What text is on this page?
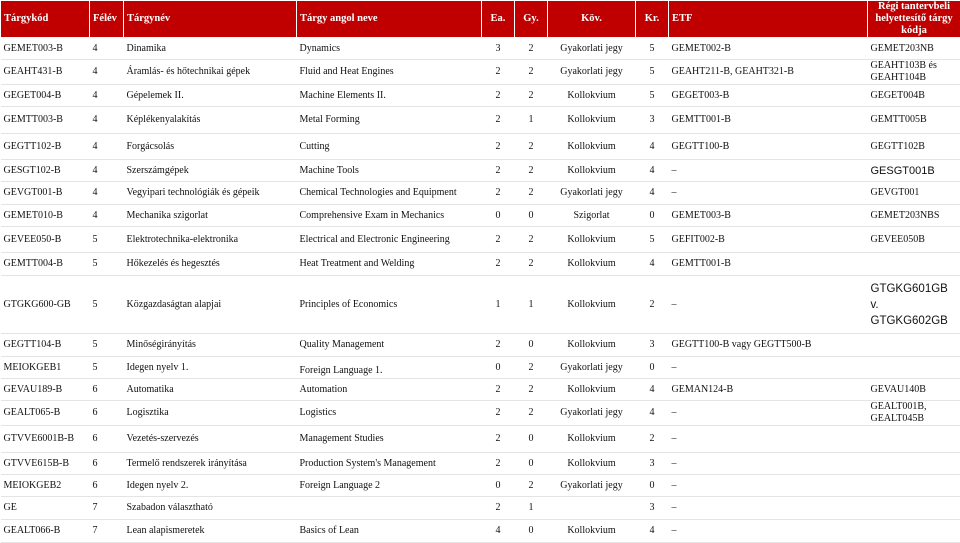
Tárgykód	Félév	Tárgynév	Tárgy angol neve	Ea.	Gy.	Köv.	Kr.	ETF	Régi tantervbeli helyettesítő tárgy kódja
GEMET003-B	4	Dinamika	Dynamics	3	2	Gyakorlati jegy	5	GEMET002-B	GEMET203NB
GEAHT431-B	4	Áramlás- és hőtechnikai gépek	Fluid and Heat Engines	2	2	Gyakorlati jegy	5	GEAHT211-B, GEAHT321-B	GEAHT103B és GEAHT104B
GEGET004-B	4	Gépelemek II.	Machine Elements II.	2	2	Kollokvium	5	GEGET003-B	GEGET004B
GEMTT003-B	4	Képlékenyalakítás	Metal Forming	2	1	Kollokvium	3	GEMTT001-B	GEMTT005B
GEGTT102-B	4	Forgácsolás	Cutting	2	2	Kollokvium	4	GEGTT100-B	GEGTT102B
GESGT102-B	4	Szerszámgépek	Machine Tools	2	2	Kollokvium	4	–	GESGT001B
GEVGT001-B	4	Vegyipari technológiák és gépeik	Chemical Technologies and Equipment	2	2	Gyakorlati jegy	4	–	GEVGT001
GEMET010-B	4	Mechanika szigorlat	Comprehensive Exam in Mechanics	0	0	Szigorlat	0	GEMET003-B	GEMET203NBS
GEVEE050-B	5	Elektrotechnika-elektronika	Electrical and Electronic Engineering	2	2	Kollokvium	5	GEFIT002-B	GEVEE050B
GEMTT004-B	5	Hőkezelés és hegesztés	Heat Treatment and Welding	2	2	Kollokvium	4	GEMTT001-B	
GTGKG600-GB	5	Közgazdaságtan alapjai	Principles of Economics	1	1	Kollokvium	2	–	GTGKG601GB v. GTGKG602GB
GEGTT104-B	5	Minőségirányítás	Quality Management	2	0	Kollokvium	3	GEGTT100-B vagy GEGTT500-B	
MEIOKGEB1	5	Idegen nyelv 1.	Foreign Language 1.	0	2	Gyakorlati jegy	0	–	
GEVAU189-B	6	Automatika	Automation	2	2	Kollokvium	4	GEMAN124-B	GEVAU140B
GEALT065-B	6	Logisztika	Logistics	2	2	Gyakorlati jegy	4	–	GEALT001B, GEALT045B
GTVVE6001B-B	6	Vezetés-szervezés	Management Studies	2	0	Kollokvium	2	–	
GTVVE615B-B	6	Termelő rendszerek irányítása	Production System's Management	2	0	Kollokvium	3	–	
MEIOKGEB2	6	Idegen nyelv 2.	Foreign Language 2	0	2	Gyakorlati jegy	0	–	
GE	7	Szabadon választható		2	1		3	–	
GEALT066-B	7	Lean alapismeretek	Basics of Lean	4	0	Kollokvium	4	–	
